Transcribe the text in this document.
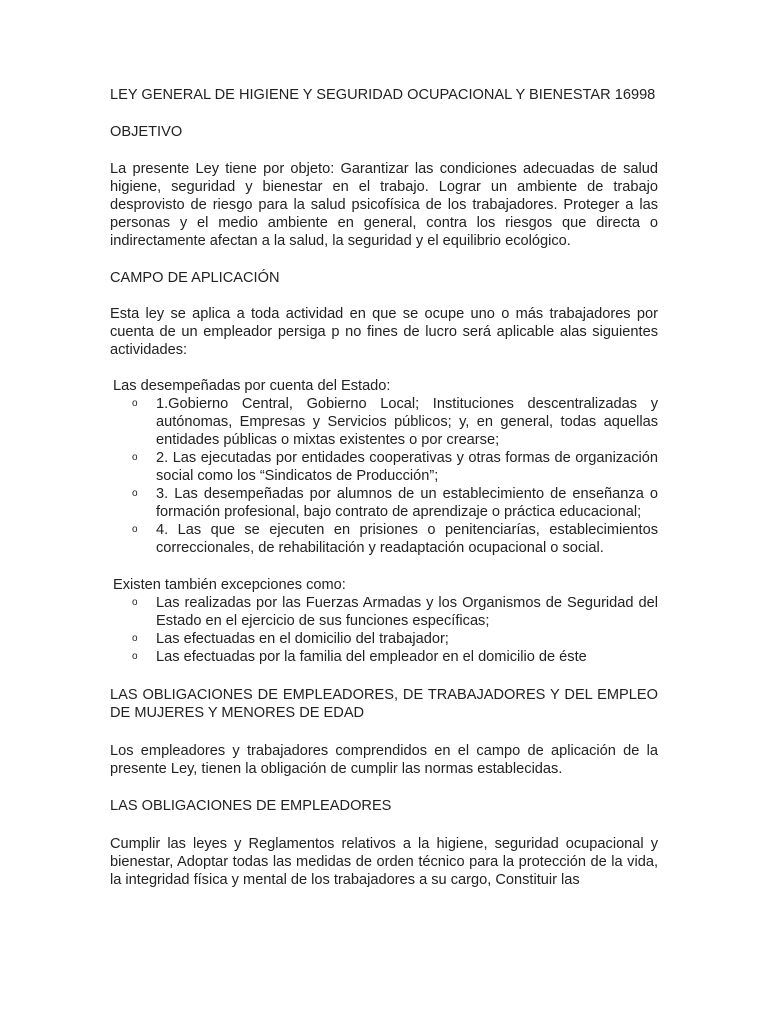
LEY GENERAL DE HIGIENE Y SEGURIDAD OCUPACIONAL Y BIENESTAR 16998

OBJETIVO

La presente Ley tiene por objeto: Garantizar las condiciones adecuadas de salud higiene, seguridad y bienestar en el trabajo. Lograr un ambiente de trabajo desprovisto de riesgo para la salud psicofísica de los trabajadores. Proteger a las personas y el medio ambiente en general, contra los riesgos que directa o indirectamente afectan a la salud, la seguridad y el equilibrio ecológico.

CAMPO DE APLICACIÓN

Esta ley se aplica a toda actividad en que se ocupe uno o más trabajadores por cuenta de un empleador persiga p no fines de lucro será aplicable alas siguientes actividades:

Las desempeñadas por cuenta del Estado:

o	1.Gobierno Central, Gobierno Local; Instituciones descentralizadas y autónomas, Empresas y Servicios públicos; y, en general, todas aquellas entidades públicas o mixtas existentes o por crearse;
o	2. Las ejecutadas por entidades cooperativas y otras formas de organización social como los “Sindicatos de Producción”;
o	3. Las desempeñadas por alumnos de un establecimiento de enseñanza o formación profesional, bajo contrato de aprendizaje o práctica educacional;
o	4. Las que se ejecuten en prisiones o penitenciarías, establecimientos correccionales, de rehabilitación y readaptación ocupacional o social.

Existen también excepciones como:

o	Las realizadas por las Fuerzas Armadas y los Organismos de Seguridad del Estado en el ejercicio de sus funciones específicas;
o	Las efectuadas en el domicilio del trabajador;
o	Las efectuadas por la familia del empleador en el domicilio de éste
LAS OBLIGACIONES DE EMPLEADORES, DE TRABAJADORES Y DEL EMPLEO DE MUJERES Y MENORES DE EDAD

Los empleadores y trabajadores comprendidos en el campo de aplicación de la presente Ley, tienen la obligación de cumplir las normas establecidas.

LAS OBLIGACIONES DE EMPLEADORES

Cumplir las leyes y Reglamentos relativos a la higiene, seguridad ocupacional y bienestar, Adoptar todas las medidas de orden técnico para la protección de la vida, la integridad física y mental de los trabajadores a su cargo, Constituir las
